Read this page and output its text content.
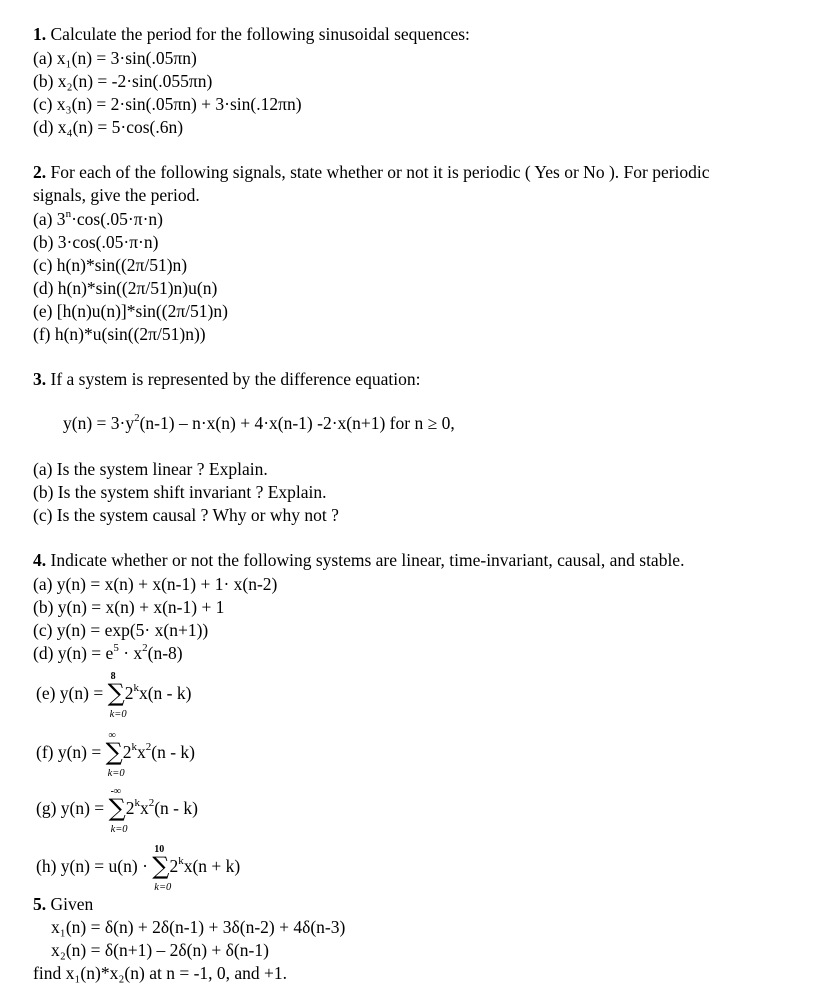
1. Calculate the period for the following sinusoidal sequences:
(a) x₁(n) = 3·sin(.05πn)
(b) x₂(n) = -2·sin(.055πn)
(c) x₃(n) = 2·sin(.05πn) + 3·sin(.12πn)
(d) x₄(n) = 5·cos(.6n)
2. For each of the following signals, state whether or not it is periodic ( Yes or No ). For periodic
signals, give the period.
(a) $3^n\cdot\cos(.05\cdot\pi\cdot n)$
(b) 3·cos(.05·π·n)
(c) h(n)*sin((2π/51)n)
(d) h(n)*sin((2π/51)n)u(n)
(e) [h(n)u(n)]*sin((2π/51)n)
(f) h(n)*u(sin((2π/51)n))
3. If a system is represented by the difference equation:
$y(n) = 3\cdot y^2(n-1) - n\cdot x(n) + 4\cdot x(n-1)$ -2·x(n+1) for n ≥ 0,
(a) Is the system linear ? Explain.
(b) Is the system shift invariant ? Explain.
(c) Is the system causal ? Why or why not ?
4. Indicate whether or not the following systems are linear, time-invariant, causal, and stable.
(a) y(n) = x(n) + x(n-1) + 1· x(n-2)
(b) y(n) = x(n) + x(n-1) + 1
(c) y(n) = exp(5· x(n+1))
(d) $y(n) = e^5 \cdot x^2(n-8)$
(e) y(n) =
8
∑
k=0
2$^k$x(n - k)
(f) y(n) =
∞
∑
k=0
$2^kx^2(n - k)$
(g) y(n) =
-∞
∑
k=0
$2^kx^2(n - k)$
(h) y(n) = u(n) ·
10
∑
k=0
$2^kx(n + k)$
5. Given
x₁(n) = δ(n) + 2δ(n-1) + 3δ(n-2) + 4δ(n-3)
x₂(n) = δ(n+1) – 2δ(n) + δ(n-1)
find x₁(n)*x₂(n) at n = -1, 0, and +1.
